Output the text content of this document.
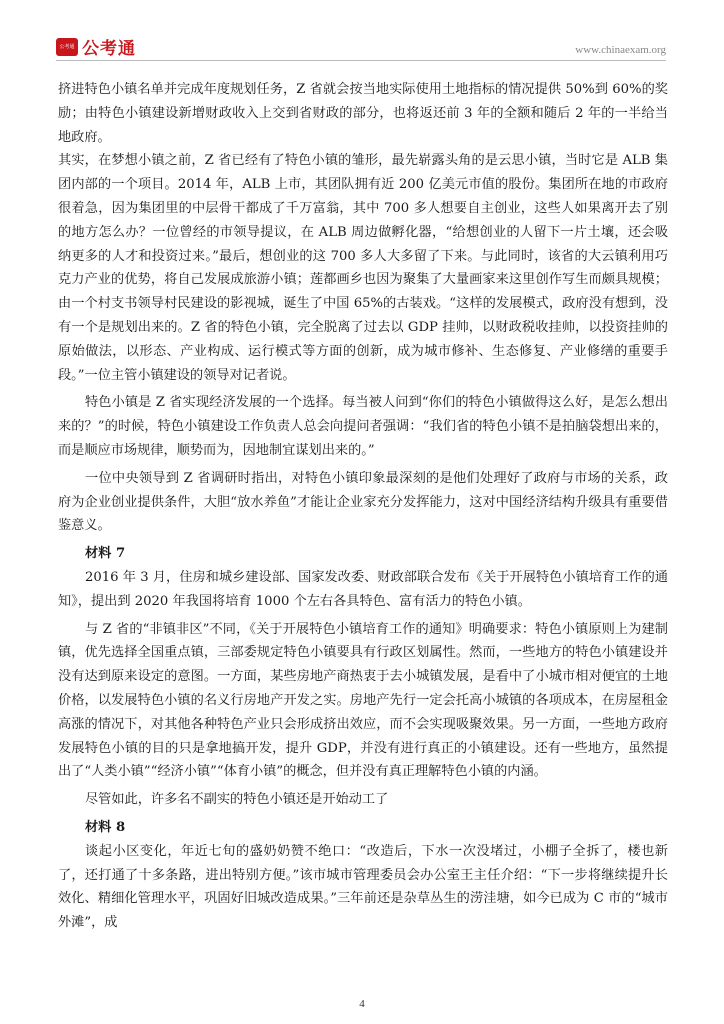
公考通 公考通	www.chinaexam.org

挤进特色小镇名单并完成年度规划任务，Z 省就会按当地实际使用土地指标的情况提供 50%到 60%的奖励；由特色小镇建设新增财政收入上交到省财政的部分，也将返还前 3 年的全额和随后 2 年的一半给当地政府。

其实，在梦想小镇之前，Z 省已经有了特色小镇的雏形，最先崭露头角的是云思小镇，当时它是 ALB 集团内部的一个项目。2014 年，ALB 上市，其团队拥有近 200 亿美元市值的股份。集团所在地的市政府很着急，因为集团里的中层骨干都成了千万富翁，其中 700 多人想要自主创业，这些人如果离开去了别的地方怎么办？一位曾经的市领导提议，在 ALB 周边做孵化器，“给想创业的人留下一片土壤，还会吸纳更多的人才和投资过来。”最后，想创业的这 700 多人大多留了下来。与此同时，该省的大云镇利用巧克力产业的优势，将自己发展成旅游小镇；莲都画乡也因为聚集了大量画家来这里创作写生而颇具规模；由一个村支书领导村民建设的影视城，诞生了中国 65%的古装戏。“这样的发展模式，政府没有想到，没有一个是规划出来的。Z 省的特色小镇，完全脱离了过去以 GDP 挂帅，以财政税收挂帅，以投资挂帅的原始做法，以形态、产业构成、运行模式等方面的创新，成为城市修补、生态修复、产业修缮的重要手段。”一位主管小镇建设的领导对记者说。

特色小镇是 Z 省实现经济发展的一个选择。每当被人问到“你们的特色小镇做得这么好，是怎么想出来的？”的时候，特色小镇建设工作负责人总会向提问者强调：“我们省的特色小镇不是拍脑袋想出来的，而是顺应市场规律，顺势而为，因地制宜谋划出来的。”

一位中央领导到 Z 省调研时指出，对特色小镇印象最深刻的是他们处理好了政府与市场的关系，政府为企业创业提供条件，大胆“放水养鱼”才能让企业家充分发挥能力，这对中国经济结构升级具有重要借鉴意义。

材料 7

2016 年 3 月，住房和城乡建设部、国家发改委、财政部联合发布《关于开展特色小镇培育工作的通知》，提出到 2020 年我国将培育 1000 个左右各具特色、富有活力的特色小镇。

与 Z 省的“非镇非区”不同，《关于开展特色小镇培育工作的通知》明确要求：特色小镇原则上为建制镇，优先选择全国重点镇，三部委规定特色小镇要具有行政区划属性。然而，一些地方的特色小镇建设并没有达到原来设定的意图。一方面，某些房地产商热衷于去小城镇发展，是看中了小城市相对便宜的土地价格，以发展特色小镇的名义行房地产开发之实。房地产先行一定会托高小城镇的各项成本，在房屋租金高涨的情况下，对其他各种特色产业只会形成挤出效应，而不会实现吸聚效果。另一方面，一些地方政府发展特色小镇的目的只是拿地搞开发，提升 GDP，并没有进行真正的小镇建设。还有一些地方，虽然提出了“人类小镇”“经济小镇”“体育小镇”的概念，但并没有真正理解特色小镇的内涵。

尽管如此，许多名不副实的特色小镇还是开始动工了

材料 8

谈起小区变化，年近七旬的盛奶奶赞不绝口：“改造后，下水一次没堵过，小棚子全拆了，楼也新了，还打通了十多条路，进出特别方便。”该市城市管理委员会办公室王主任介绍：“下一步将继续提升长效化、精细化管理水平，巩固好旧城改造成果。”三年前还是杂草丛生的涝洼塘，如今已成为 C 市的“城市外滩”，成

4
